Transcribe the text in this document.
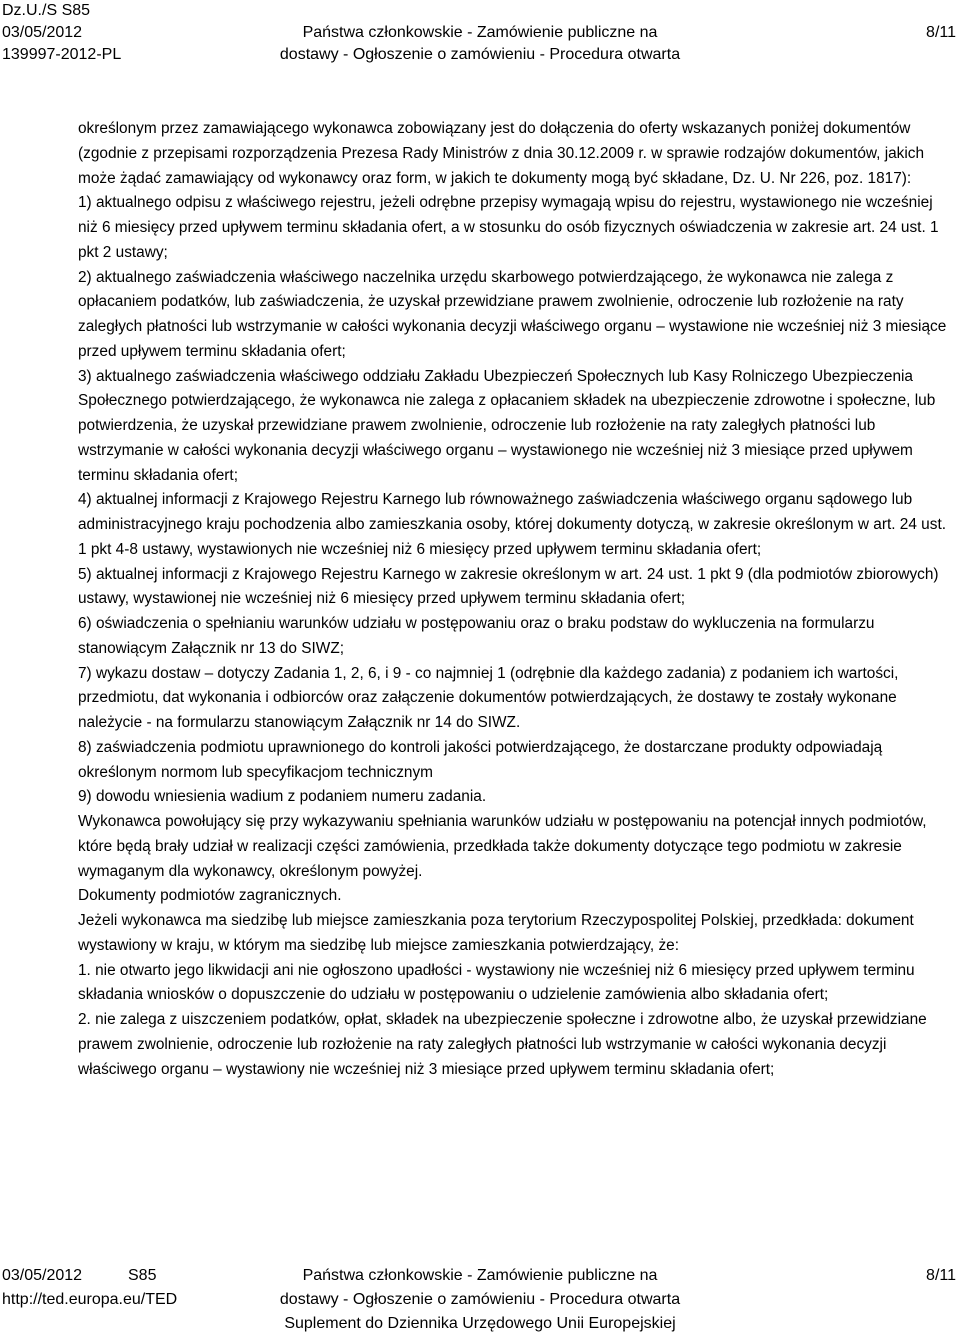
Dz.U./S S85
03/05/2012
139997-2012-PL
Państwa członkowskie - Zamówienie publiczne na
dostawy - Ogłoszenie o zamówieniu - Procedura otwarta
8/11

określonym przez zamawiającego wykonawca zobowiązany jest do dołączenia do oferty wskazanych poniżej dokumentów (zgodnie z przepisami rozporządzenia Prezesa Rady Ministrów z dnia 30.12.2009 r. w sprawie rodzajów dokumentów, jakich może żądać zamawiający od wykonawcy oraz form, w jakich te dokumenty mogą być składane, Dz. U. Nr 226, poz. 1817):

1) aktualnego odpisu z właściwego rejestru, jeżeli odrębne przepisy wymagają wpisu do rejestru, wystawionego nie wcześniej niż 6 miesięcy przed upływem terminu składania ofert, a w stosunku do osób fizycznych oświadczenia w zakresie art. 24 ust. 1 pkt 2 ustawy;

2) aktualnego zaświadczenia właściwego naczelnika urzędu skarbowego potwierdzającego, że wykonawca nie zalega z opłacaniem podatków, lub zaświadczenia, że uzyskał przewidziane prawem zwolnienie, odroczenie lub rozłożenie na raty zaległych płatności lub wstrzymanie w całości wykonania decyzji właściwego organu – wystawione nie wcześniej niż 3 miesiące przed upływem terminu składania ofert;

3) aktualnego zaświadczenia właściwego oddziału Zakładu Ubezpieczeń Społecznych lub Kasy Rolniczego Ubezpieczenia Społecznego potwierdzającego, że wykonawca nie zalega z opłacaniem składek na ubezpieczenie zdrowotne i społeczne, lub potwierdzenia, że uzyskał przewidziane prawem zwolnienie, odroczenie lub rozłożenie na raty zaległych płatności lub wstrzymanie w całości wykonania decyzji właściwego organu – wystawionego nie wcześniej niż 3 miesiące przed upływem terminu składania ofert;

4) aktualnej informacji z Krajowego Rejestru Karnego lub równoważnego zaświadczenia właściwego organu sądowego lub administracyjnego kraju pochodzenia albo zamieszkania osoby, której dokumenty dotyczą, w zakresie określonym w art. 24 ust. 1 pkt 4-8 ustawy, wystawionych nie wcześniej niż 6 miesięcy przed upływem terminu składania ofert;

5) aktualnej informacji z Krajowego Rejestru Karnego w zakresie określonym w art. 24 ust. 1 pkt 9 (dla podmiotów zbiorowych) ustawy, wystawionej nie wcześniej niż 6 miesięcy przed upływem terminu składania ofert;

6) oświadczenia o spełnianiu warunków udziału w postępowaniu oraz o braku podstaw do wykluczenia na formularzu stanowiącym Załącznik nr 13 do SIWZ;

7) wykazu dostaw – dotyczy Zadania 1, 2, 6, i 9 - co najmniej 1 (odrębnie dla każdego zadania) z podaniem ich wartości, przedmiotu, dat wykonania i odbiorców oraz załączenie dokumentów potwierdzających, że dostawy te zostały wykonane należycie - na formularzu stanowiącym Załącznik nr 14 do SIWZ.

8) zaświadczenia podmiotu uprawnionego do kontroli jakości potwierdzającego, że dostarczane produkty odpowiadają określonym normom lub specyfikacjom technicznym

9) dowodu wniesienia wadium z podaniem numeru zadania.

Wykonawca powołujący się przy wykazywaniu spełniania warunków udziału w postępowaniu na potencjał innych podmiotów, które będą brały udział w realizacji części zamówienia, przedkłada także dokumenty dotyczące tego podmiotu w zakresie wymaganym dla wykonawcy, określonym powyżej.

Dokumenty podmiotów zagranicznych.

Jeżeli wykonawca ma siedzibę lub miejsce zamieszkania poza terytorium Rzeczypospolitej Polskiej, przedkłada: dokument wystawiony w kraju, w którym ma siedzibę lub miejsce zamieszkania potwierdzający, że:

1. nie otwarto jego likwidacji ani nie ogłoszono upadłości - wystawiony nie wcześniej niż 6 miesięcy przed upływem terminu składania wniosków o dopuszczenie do udziału w postępowaniu o udzielenie zamówienia albo składania ofert;

2. nie zalega z uiszczeniem podatków, opłat, składek na ubezpieczenie społeczne i zdrowotne albo, że uzyskał przewidziane prawem zwolnienie, odroczenie lub rozłożenie na raty zaległych płatności lub wstrzymanie w całości wykonania decyzji właściwego organu – wystawiony nie wcześniej niż 3 miesiące przed upływem terminu składania ofert;

03/05/2012	S85
http://ted.europa.eu/TED
Państwa członkowskie - Zamówienie publiczne na
dostawy - Ogłoszenie o zamówieniu - Procedura otwarta
Suplement do Dziennika Urzędowego Unii Europejskiej
8/11
